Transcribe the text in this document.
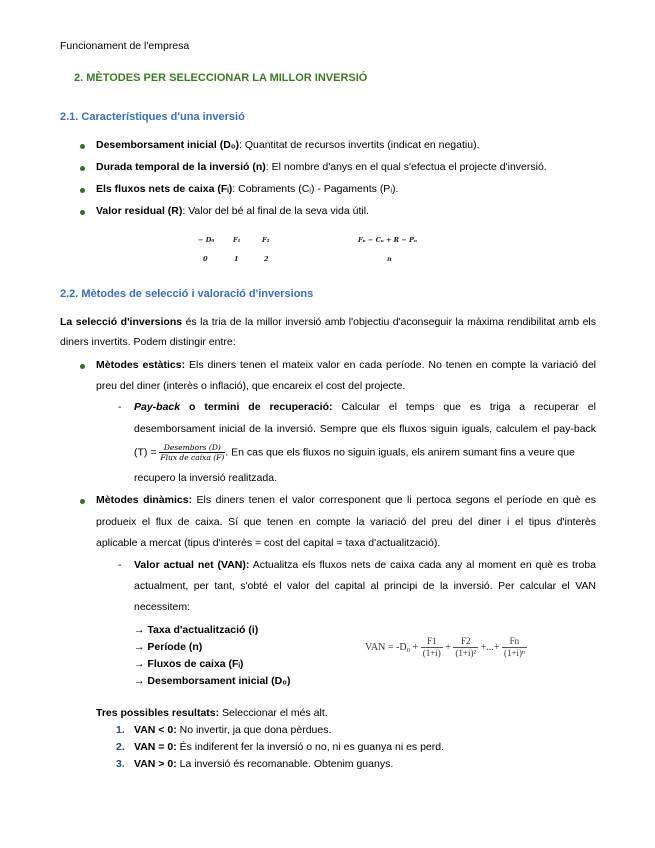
Funcionament de l'empresa
2. MÈTODES PER SELECCIONAR LA MILLOR INVERSIÓ
2.1. Característiques d'una inversió
Desemborsament inicial (D₀): Quantitat de recursos invertits (indicat en negatiu).
Durada temporal de la inversió (n): El nombre d'anys en el qual s'efectua el projecte d'inversió.
Els fluxos nets de caixa (Fᵢ): Cobraments (Cᵢ) - Pagaments (Pᵢ).
Valor residual (R): Valor del bé al final de la seva vida útil.
− D₀	F₁	F₂	Fₙ − Cₙ + R − Pₙ
0	1	2	n
2.2. Mètodes de selecció i valoració d'inversions
La selecció d'inversions és la tria de la millor inversió amb l'objectiu d'aconseguir la màxima rendibilitat amb els
diners invertits. Podem distingir entre:
Mètodes estàtics: Els diners tenen el mateix valor en cada període. No tenen en compte la variació del
preu del diner (interès o inflació), que encareix el cost del projecte.
- Pay-back o termini de recuperació: Calcular el temps que es triga a recuperar el
desemborsament inicial de la inversió. Sempre que els fluxos siguin iguals, calculem el pay-back
$(T) = \frac{\text{Desembors (D)}}{\text{Flux de caixa (F)}}$ . En cas que els fluxos no siguin iguals, els anirem sumant fins a veure que
recupero la inversió realitzada.
Mètodes dinàmics: Els diners tenen el valor corresponent que li pertoca segons el període en què es
produeix el flux de caixa. Sí que tenen en compte la variació del preu del diner i el tipus d'interès
aplicable a mercat (tipus d'interès = cost del capital = taxa d'actualització).
- Valor actual net (VAN): Actualitza els fluxos nets de caixa cada any al moment en què es troba
actualment, per tant, s'obté el valor del capital al principi de la inversió. Per calcular el VAN
necessitem:
→ Taxa d'actualització (i)
→ Període (n)
→ Fluxos de caixa (Fᵢ)
→ Desemborsament inicial (D₀)
VAN = $-D_0 + \frac{F1}{(1+i)} + \frac{F2}{\text{(1+i)²}}$ +...+ $\frac{Fn}{\text{(1+i)ⁿ}}$
Tres possibles resultats: Seleccionar el més alt.
1. VAN < 0: No invertir, ja que dona pèrdues.
2. VAN = 0: És indiferent fer la inversió o no, ni es guanya ni es perd.
3. VAN > 0: La inversió és recomanable. Obtenim guanys.
